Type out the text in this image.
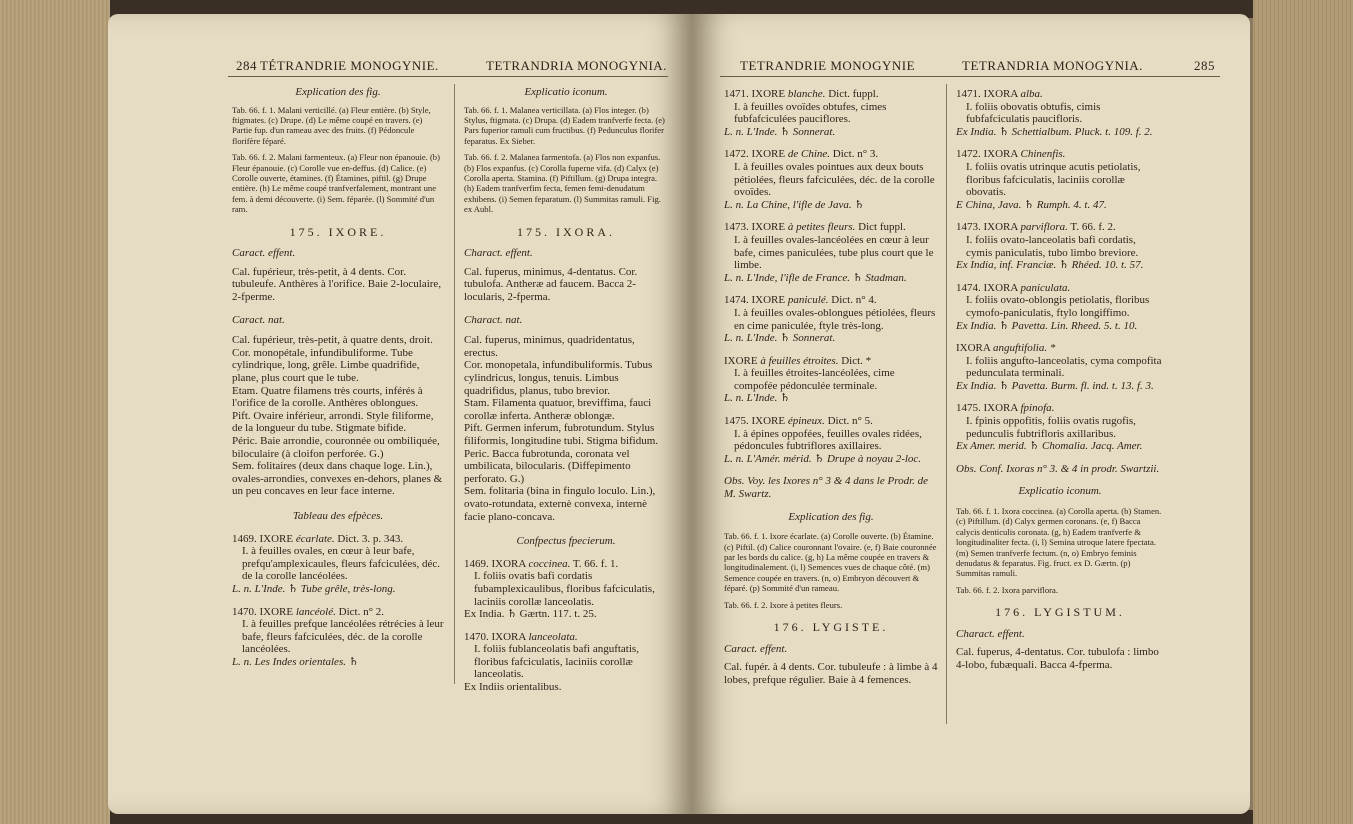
284 TÉTRANDRIE MONOGYNIE.	TETRANDRIA MONOGYNIA.
Explication des fig.
Tab. 66. f. 1. Malani verticillé. (a) Fleur entière. (b) Style, ftigmates. (c) Drupe. (d) Le même coupé en travers. (e) Partie fup. d'un rameau avec des fruits. (f) Pédoncule florifère féparé.
Tab. 66. f. 2. Malani farmenteux. (a) Fleur non épanouie. (b) Fleur épanouie. (c) Corolle vue en-deffus. (d) Calice. (e) Corolle ouverte, étamines. (f) Étamines, piftil. (g) Drupe entière. (h) Le même coupé tranfverfalement, montrant une fem. à demi découverte. (i) Sem. féparée. (l) Sommité d'un ram.
175. IXORE.
Caract. effent.
Cal. fupérieur, très-petit, à 4 dents. Cor. tubuleufe. Anthères à l'orifice. Baie 2-loculaire, 2-fperme.
Caract. nat.
Cal. fupérieur, très-petit, à quatre dents, droit.
Cor. monopétale, infundibuliforme. Tube cylindrique, long, grêle. Limbe quadrifide, plane, plus court que le tube.
Etam. Quatre filamens très courts, inférés à l'orifice de la corolle. Anthères oblongues.
Pift. Ovaire inférieur, arrondi. Style filiforme, de la longueur du tube. Stigmate bifide.
Péric. Baie arrondie, couronnée ou ombiliquée, biloculaire (à cloifon perforée. G.)
Sem. folitaires (deux dans chaque loge. Lin.), ovales-arrondies, convexes en-dehors, planes & un peu concaves en leur face interne.
Tableau des efpèces.
1469. IXORE écarlate. Dict. 3. p. 343.
I. à feuilles ovales, en cœur à leur bafe, prefqu'amplexicaules, fleurs fafciculées, déc. de la corolle lancéolées.
L. n. L'Inde. ♄ Tube grêle, très-long.
1470. IXORE lancéolé. Dict. n° 2.
I. à feuilles prefque lancéolées rétrécies à leur bafe, fleurs fafciculées, déc. de la corolle lancéolées.
L. n. Les Indes orientales. ♄
Explicatio iconum.
Tab. 66. f. 1. Malanea verticillata. (a) Flos integer. (b) Stylus, ftigmata. (c) Drupa. (d) Eadem tranfverfe fecta. (e) Pars fuperior ramuli cum fructibus. (f) Pedunculus florifer feparatus. Ex Sieber.
Tab. 66. f. 2. Malanea farmentofa. (a) Flos non expanfus. (b) Flos expanfus. (c) Corolla fuperne vifa. (d) Calyx (e) Corolla aperta. Stamina. (f) Piftillum. (g) Drupa integra. (h) Eadem tranfverfim fecta, femen femi-denudatum exhibens. (i) Semen feparatum. (l) Summitas ramuli. Fig. ex Aubl.
175. IXORA.
Charact. effent.
Cal. fuperus, minimus, 4-dentatus. Cor. tubulofa. Antheræ ad faucem. Bacca 2-locularis, 2-fperma.
Charact. nat.
Cal. fuperus, minimus, quadridentatus, erectus.
Cor. monopetala, infundibuliformis. Tubus cylindricus, longus, tenuis. Limbus quadrifidus, planus, tubo brevior.
Stam. Filamenta quatuor, breviffima, fauci corollæ inferta. Antheræ oblongæ.
Pift. Germen inferum, fubrotundum. Stylus filiformis, longitudine tubi. Stigma bifidum.
Peric. Bacca fubrotunda, coronata vel umbilicata, bilocularis. (Diffepimento perforato. G.)
Sem. folitaria (bina in fingulo loculo. Lin.), ovato-rotundata, externè convexa, internè facie plano-concava.
Confpectus fpecierum.
1469. IXORA coccinea. T. 66. f. 1.
I. foliis ovatis bafi cordatis fubamplexicaulibus, floribus fafciculatis, laciniis corollæ lanceolatis.
Ex India. ♄ Gærtn. 117. t. 25.
1470. IXORA lanceolata.
I. foliis fublanceolatis bafi anguftatis, floribus fafciculatis, laciniis corollæ lanceolatis.
Ex Indiis orientalibus.
TETRANDRIE MONOGYNIE	TETRANDRIA MONOGYNIA.	285
1471. IXORE blanche. Dict. fuppl.
I. à feuilles ovoïdes obtufes, cimes fubfafciculées pauciflores.
L. n. L'Inde. ♄ Sonnerat.
1472. IXORE de Chine. Dict. n° 3.
I. à feuilles ovales pointues aux deux bouts pétiolées, fleurs fafciculées, déc. de la corolle ovoïdes.
L. n. La Chine, l'ifle de Java. ♄
1473. IXORE à petites fleurs. Dict fuppl.
I. à feuilles ovales-lancéolées en cœur à leur bafe, cimes paniculées, tube plus court que le limbe.
L. n. L'Inde, l'ifle de France. ♄ Stadman.
1474. IXORE paniculé. Dict. n° 4.
I. à feuilles ovales-oblongues pétiolées, fleurs en cime paniculée, ftyle très-long.
L. n. L'Inde. ♄ Sonnerat.
IXORE à feuilles étroites. Dict. *
I. à feuilles étroites-lancéolées, cime compofée pédonculée terminale.
L. n. L'Inde. ♄
1475. IXORE épineux. Dict. n° 5.
I. à épines oppofées, feuilles ovales ridées, pédoncules fubtriflores axillaires.
L. n. L'Amér. mérid. ♄ Drupe à noyau 2-loc.
Obs. Voy. les Ixores n° 3 & 4 dans le Prodr. de M. Swartz.
Explication des fig.
Tab. 66. f. 1. Ixore écarlate. (a) Corolle ouverte. (b) Étamine. (c) Piftil. (d) Calice couronnant l'ovaire. (e, f) Baie couronnée par les bords du calice. (g, h) La même coupée en travers & longitudinalement. (i, l) Semences vues de chaque côté. (m) Semence coupée en travers. (n, o) Embryon découvert & féparé. (p) Sommité d'un rameau.
Tab. 66. f. 2. Ixore à petites fleurs.
176. LYGISTE.
Caract. effent.
Cal. fupér. à 4 dents. Cor. tubuleufe : à limbe à 4 lobes, prefque régulier. Baie à 4 femences.
1471. IXORA alba.
I. foliis obovatis obtufis, cimis fubfafciculatis paucifloris.
Ex India. ♄ Schettialbum. Pluck. t. 109. f. 2.
1472. IXORA Chinenfis.
I. foliis ovatis utrinque acutis petiolatis, floribus fafciculatis, laciniis corollæ obovatis.
E China, Java. ♄ Rumph. 4. t. 47.
1473. IXORA parviflora. T. 66. f. 2.
I. foliis ovato-lanceolatis bafi cordatis, cymis paniculatis, tubo limbo breviore.
Ex India, inf. Franciæ. ♄ Rhéed. 10. t. 57.
1474. IXORA paniculata.
I. foliis ovato-oblongis petiolatis, floribus cymofo-paniculatis, ftylo longiffimo.
Ex India. ♄ Pavetta. Lin. Rheed. 5. t. 10.
IXORA anguftifolia. *
I. foliis angufto-lanceolatis, cyma compofita pedunculata terminali.
Ex India. ♄ Pavetta. Burm. fl. ind. t. 13. f. 3.
1475. IXORA fpinofa.
I. fpinis oppofitis, foliis ovatis rugofis, pedunculis fubtrifloris axillaribus.
Ex Amer. merid. ♄ Chomalia. Jacq. Amer.
Obs. Conf. Ixoras n° 3. & 4 in prodr. Swartzii.
Explicatio iconum.
Tab. 66. f. 1. Ixora coccinea. (a) Corolla aperta. (b) Stamen. (c) Piftillum. (d) Calyx germen coronans. (e, f) Bacca calycis denticulis coronata. (g, h) Eadem tranfverfe & longitudinaliter fecta. (i, l) Semina utroque latere fpectata. (m) Semen tranfverfe fectum. (n, o) Embryo feminis denudatus & feparatus. Fig. fruct. ex D. Gærtn. (p) Summitas ramuli.
Tab. 66. f. 2. Ixora parviflora.
176. LYGISTUM.
Charact. effent.
Cal. fuperus, 4-dentatus. Cor. tubulofa : limbo 4-lobo, fubæquali. Bacca 4-fperma.
